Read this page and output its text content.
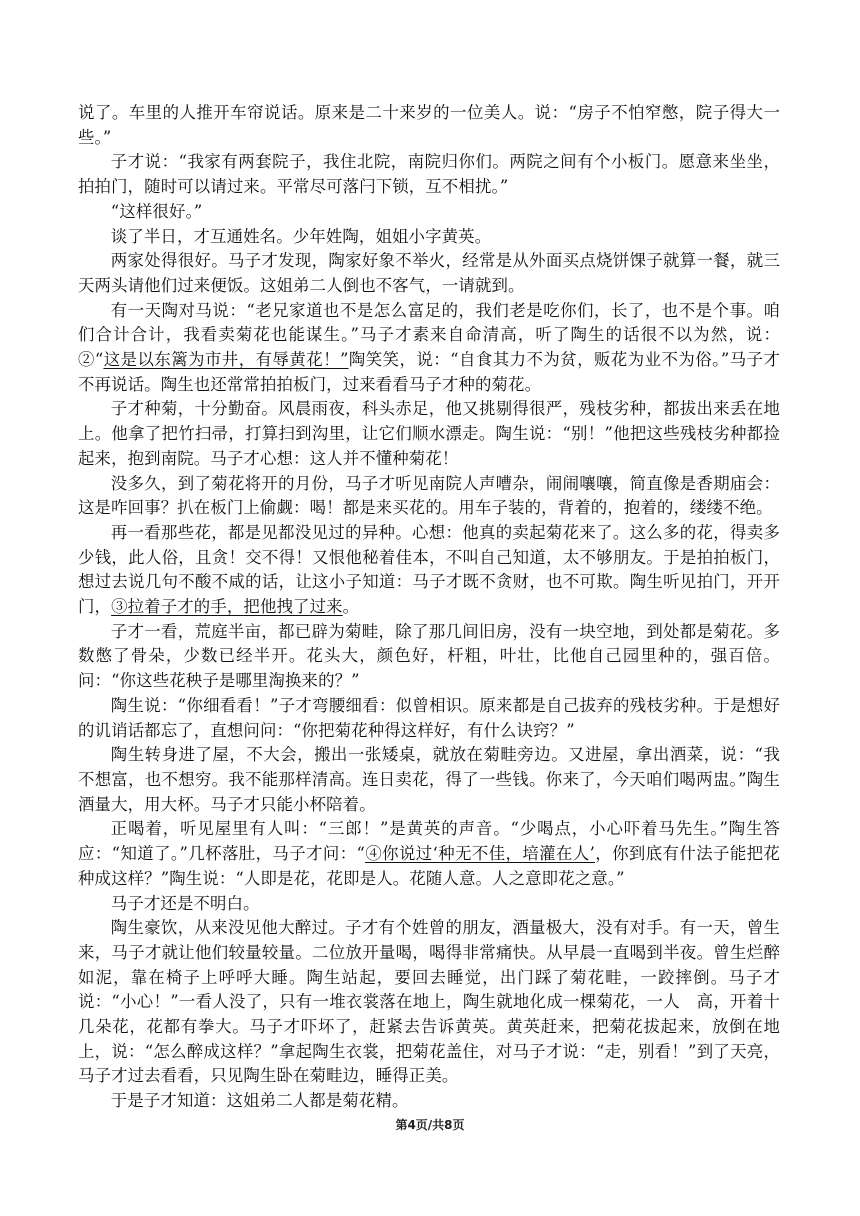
说了。车里的人推开车帘说话。原来是二十来岁的一位美人。说：“房子不怕窄憋，院子得大一些。”

子才说：“我家有两套院子，我住北院，南院归你们。两院之间有个小板门。愿意来坐坐，拍拍门，随时可以请过来。平常尽可落闩下锁，互不相扰。”

“这样很好。”

谈了半日，才互通姓名。少年姓陶，姐姐小字黄英。

两家处得很好。马子才发现，陶家好象不举火，经常是从外面买点烧饼馃子就算一餐，就三天两头请他们过来便饭。这姐弟二人倒也不客气，一请就到。

有一天陶对马说：“老兄家道也不是怎么富足的，我们老是吃你们，长了，也不是个事。咱们合计合计，我看卖菊花也能谋生。”马子才素来自命清高，听了陶生的话很不以为然，说：②“这是以东篱为市井，有辱黄花！”陶笑笑，说：“自食其力不为贫，贩花为业不为俗。”马子才不再说话。陶生也还常常拍拍板门，过来看看马子才种的菊花。

子才种菊，十分勤奋。风晨雨夜，科头赤足，他又挑剔得很严，残枝劣种，都拔出来丢在地上。他拿了把竹扫帚，打算扫到沟里，让它们顺水漂走。陶生说：“别！”他把这些残枝劣种都捡起来，抱到南院。马子才心想：这人并不懂种菊花！

没多久，到了菊花将开的月份，马子才听见南院人声嘈杂，闹闹嚷嚷，简直像是香期庙会：这是咋回事？扒在板门上偷觑：喝！都是来买花的。用车子装的，背着的，抱着的，缕缕不绝。

再一看那些花，都是见都没见过的异种。心想：他真的卖起菊花来了。这么多的花，得卖多少钱，此人俗，且贪！交不得！又恨他秘着佳本，不叫自己知道，太不够朋友。于是拍拍板门，想过去说几句不酸不咸的话，让这小子知道：马子才既不贪财，也不可欺。陶生听见拍门，开开门，③拉着子才的手，把他拽了过来。

子才一看，荒庭半亩，都已辟为菊畦，除了那几间旧房，没有一块空地，到处都是菊花。多数憋了骨朵，少数已经半开。花头大，颜色好，杆粗，叶壮，比他自己园里种的，强百倍。问：“你这些花秧子是哪里淘换来的？”

陶生说：“你细看看！”子才弯腰细看：似曾相识。原来都是自己拔弃的残枝劣种。于是想好的讥诮话都忘了，直想问问：“你把菊花种得这样好，有什么诀窍？”

陶生转身进了屋，不大会，搬出一张矮桌，就放在菊畦旁边。又进屋，拿出酒菜，说：“我不想富，也不想穷。我不能那样清高。连日卖花，得了一些钱。你来了，今天咱们喝两盅。”陶生酒量大，用大杯。马子才只能小杯陪着。

正喝着，听见屋里有人叫：“三郎！”是黄英的声音。“少喝点，小心吓着马先生。”陶生答应：“知道了。”几杯落肚，马子才问：“④你说过‘种无不佳，培灌在人’，你到底有什法子能把花种成这样？”陶生说：“人即是花，花即是人。花随人意。人之意即花之意。”

马子才还是不明白。

陶生豪饮，从来没见他大醉过。子才有个姓曾的朋友，酒量极大，没有对手。有一天，曾生来，马子才就让他们较量较量。二位放开量喝，喝得非常痛快。从早晨一直喝到半夜。曾生烂醉如泥，靠在椅子上呼呼大睡。陶生站起，要回去睡觉，出门踩了菊花畦，一跤摔倒。马子才说：“小心！”一看人没了，只有一堆衣裳落在地上，陶生就地化成一棵菊花，一人　高，开着十几朵花，花都有拳大。马子才吓坏了，赶紧去告诉黄英。黄英赶来，把菊花拔起来，放倒在地上，说：“怎么醉成这样？”拿起陶生衣裳，把菊花盖住，对马子才说：“走，别看！”到了天亮，马子才过去看看，只见陶生卧在菊畦边，睡得正美。

于是子才知道：这姐弟二人都是菊花精。

第4页/共8页
